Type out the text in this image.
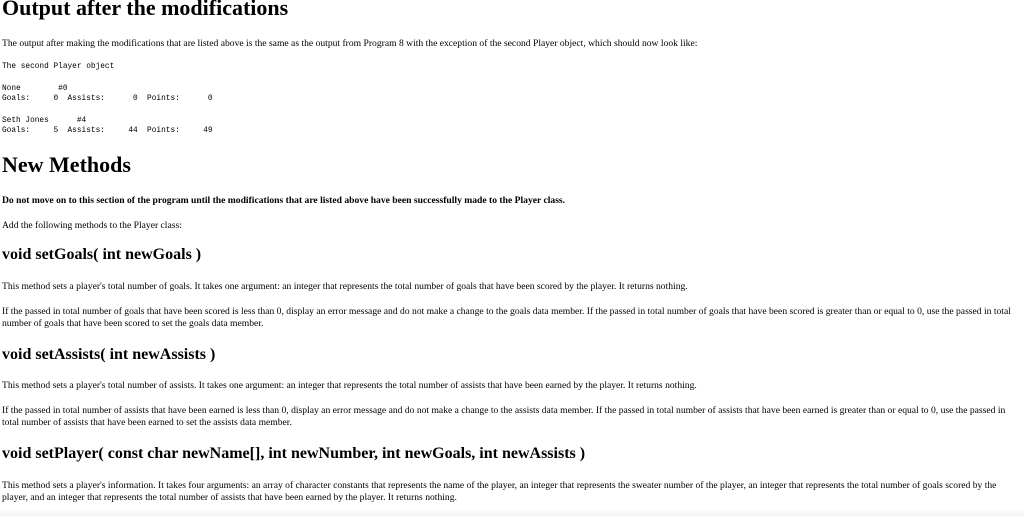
Output after the modifications

The output after making the modifications that are listed above is the same as the output from Program 8 with the exception of the second Player object, which should now look like:

The second Player object
None        #0
Goals:     0  Assists:      0  Points:      0
Seth Jones      #4
Goals:     5  Assists:     44  Points:     49
New Methods

Do not move on to this section of the program until the modifications that are listed above have been successfully made to the Player class.

Add the following methods to the Player class:

void setGoals( int newGoals )

This method sets a player's total number of goals. It takes one argument: an integer that represents the total number of goals that have been scored by the player. It returns nothing.

If the passed in total number of goals that have been scored is less than 0, display an error message and do not make a change to the goals data member. If the passed in total number of goals that have been scored is greater than or equal to 0, use the passed in total number of goals that have been scored to set the goals data member.

void setAssists( int newAssists )

This method sets a player's total number of assists. It takes one argument: an integer that represents the total number of assists that have been earned by the player. It returns nothing.

If the passed in total number of assists that have been earned is less than 0, display an error message and do not make a change to the assists data member. If the passed in total number of assists that have been earned is greater than or equal to 0, use the passed in total number of assists that have been earned to set the assists data member.

void setPlayer( const char newName[], int newNumber, int newGoals, int newAssists )

This method sets a player's information. It takes four arguments: an array of character constants that represents the name of the player, an integer that represents the sweater number of the player, an integer that represents the total number of goals scored by the player, and an integer that represents the total number of assists that have been earned by the player. It returns nothing.
